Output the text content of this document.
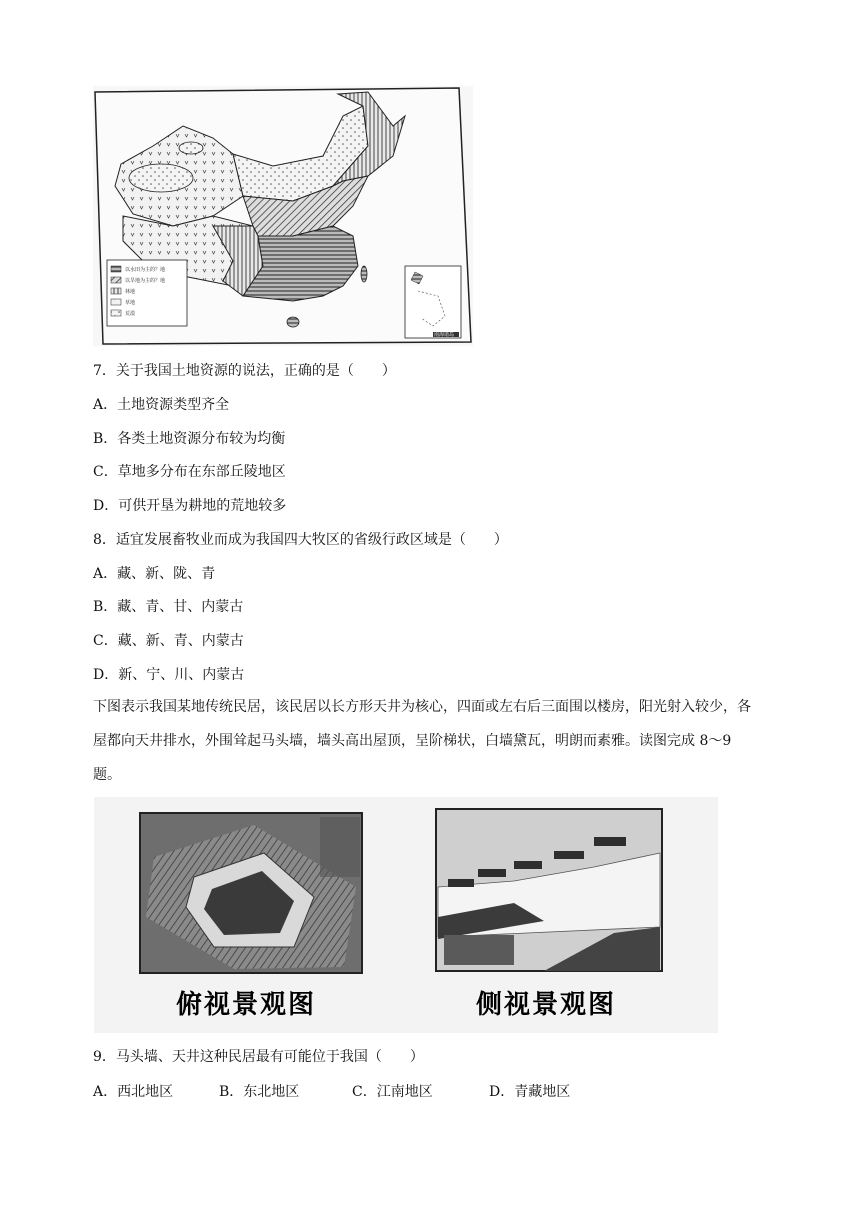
以水田为主的？地
以旱地为主的？地
林地
草地
荒漠
南海诸岛
7．关于我国土地资源的说法，正确的是（　　）
A．土地资源类型齐全
B．各类土地资源分布较为均衡
C．草地多分布在东部丘陵地区
D．可供开垦为耕地的荒地较多
8．适宜发展畜牧业而成为我国四大牧区的省级行政区域是（　　）
A．藏、新、陇、青
B．藏、青、甘、内蒙古
C．藏、新、青、内蒙古
D．新、宁、川、内蒙古
下图表示我国某地传统民居，该民居以长方形天井为核心，四面或左右后三面围以楼房，阳光射入较少，各屋都向天井排水，外围耸起马头墙，墙头高出屋顶，呈阶梯状，白墙黛瓦，明朗而素雅。读图完成 8～9 题。
俯视景观图	侧视景观图
9．马头墙、天井这种民居最有可能位于我国（　　）
A．西北地区	B．东北地区	C．江南地区	D．青藏地区
